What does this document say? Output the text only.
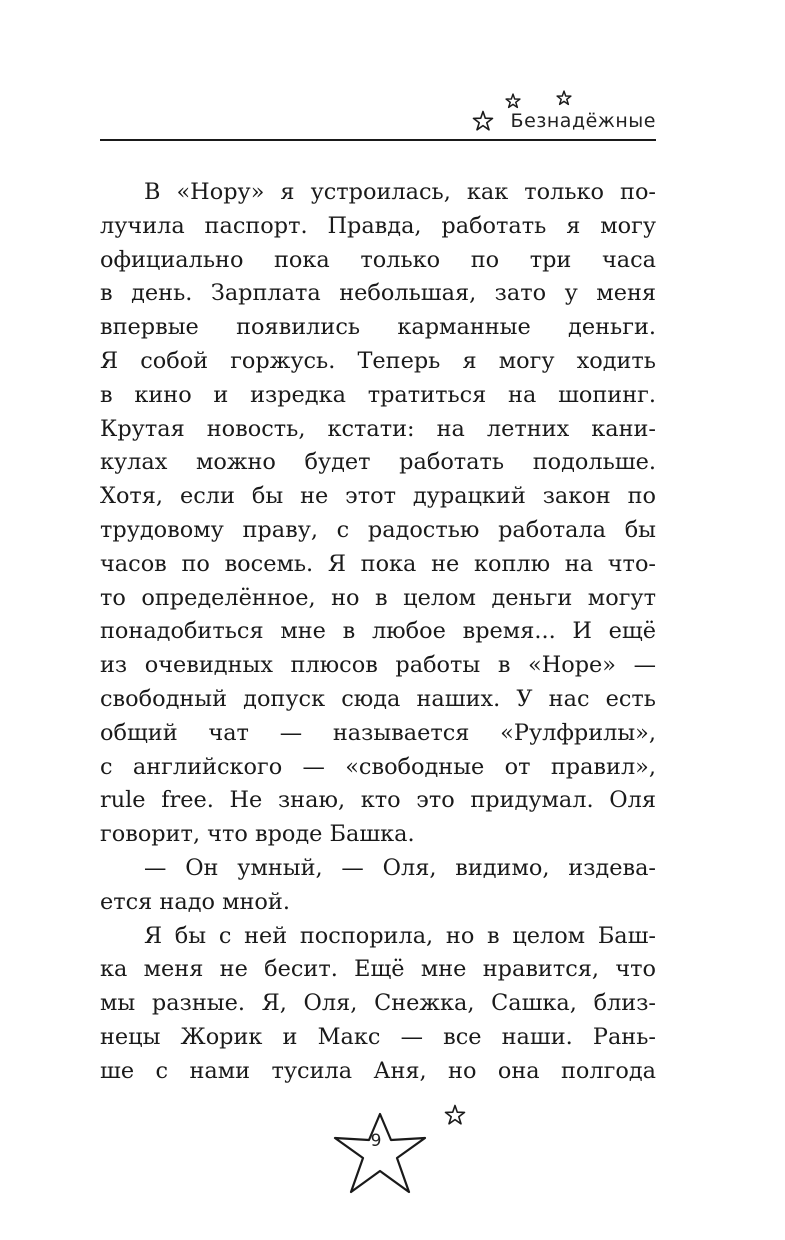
Безнадёжные
В «Нору» я устроилась, как только по-
лучила паспорт. Правда, работать я могу
официально пока только по три часа
в день. Зарплата небольшая, зато у меня
впервые появились карманные деньги.
Я собой горжусь. Теперь я могу ходить
в кино и изредка тратиться на шопинг.
Крутая новость, кстати: на летних кани-
кулах можно будет работать подольше.
Хотя, если бы не этот дурацкий закон по
трудовому праву, с радостью работала бы
часов по восемь. Я пока не коплю на что-
то определённое, но в целом деньги могут
понадобиться мне в любое время... И ещё
из очевидных плюсов работы в «Норе» —
свободный допуск сюда наших. У нас есть
общий чат — называется «Рулфрилы»,
с английского — «свободные от правил»,
rule free. Не знаю, кто это придумал. Оля
говорит, что вроде Башка.
— Он умный, — Оля, видимо, издева-
ется надо мной.
Я бы с ней поспорила, но в целом Баш-
ка меня не бесит. Ещё мне нравится, что
мы разные. Я, Оля, Снежка, Сашка, близ-
нецы Жорик и Макс — все наши. Рань-
ше с нами тусила Аня, но она полгода
9
